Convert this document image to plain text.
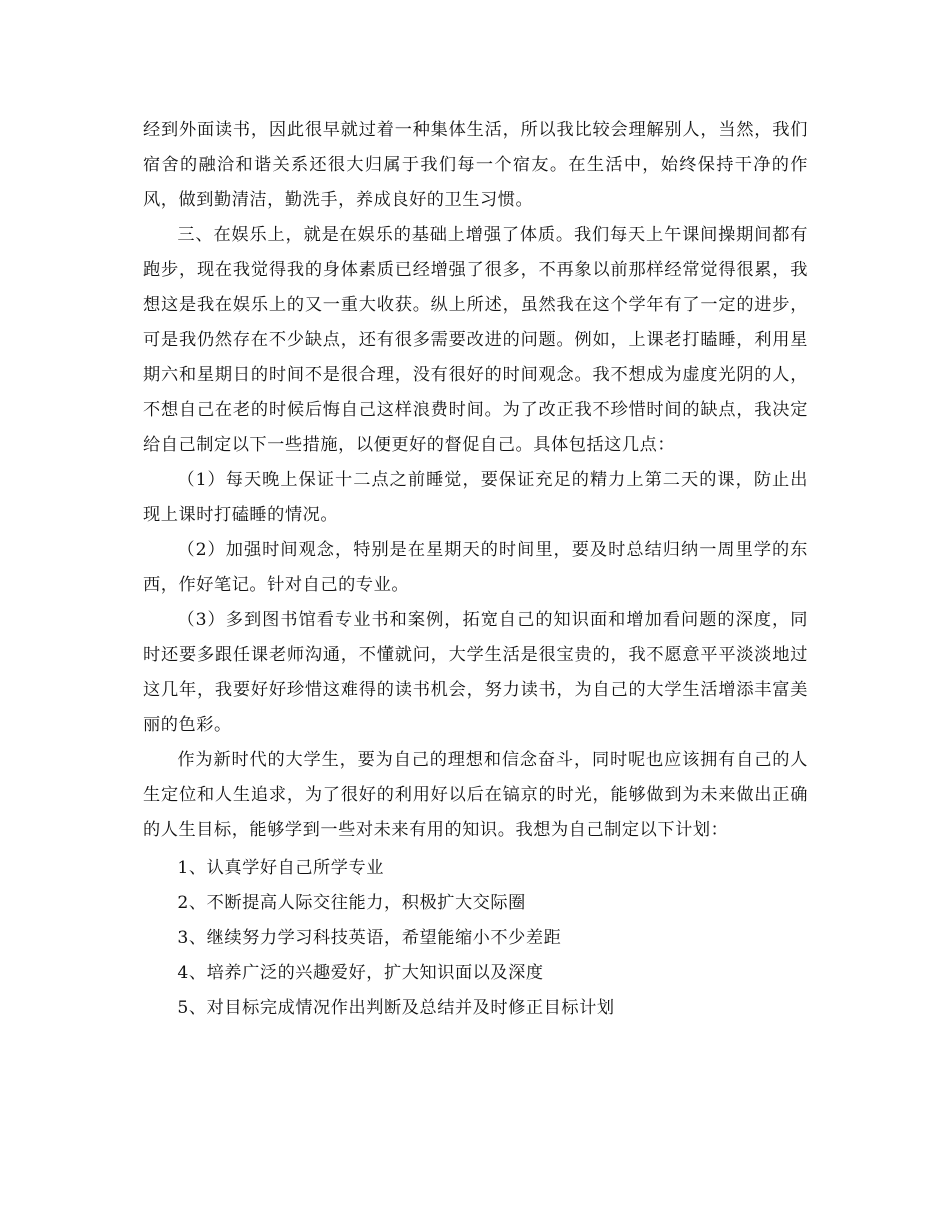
经到外面读书，因此很早就过着一种集体生活，所以我比较会理解别人，当然，我们宿舍的融洽和谐关系还很大归属于我们每一个宿友。在生活中，始终保持干净的作风，做到勤清洁，勤洗手，养成良好的卫生习惯。

三、在娱乐上，就是在娱乐的基础上增强了体质。我们每天上午课间操期间都有跑步，现在我觉得我的身体素质已经增强了很多，不再象以前那样经常觉得很累，我想这是我在娱乐上的又一重大收获。纵上所述，虽然我在这个学年有了一定的进步，可是我仍然存在不少缺点，还有很多需要改进的问题。例如，上课老打瞌睡，利用星期六和星期日的时间不是很合理，没有很好的时间观念。我不想成为虚度光阴的人，不想自己在老的时候后悔自己这样浪费时间。为了改正我不珍惜时间的缺点，我决定给自己制定以下一些措施，以便更好的督促自己。具体包括这几点：

（1）每天晚上保证十二点之前睡觉，要保证充足的精力上第二天的课，防止出现上课时打磕睡的情况。

（2）加强时间观念，特别是在星期天的时间里，要及时总结归纳一周里学的东西，作好笔记。针对自己的专业。

（3）多到图书馆看专业书和案例，拓宽自己的知识面和增加看问题的深度，同时还要多跟任课老师沟通，不懂就问，大学生活是很宝贵的，我不愿意平平淡淡地过这几年，我要好好珍惜这难得的读书机会，努力读书，为自己的大学生活增添丰富美丽的色彩。

作为新时代的大学生，要为自己的理想和信念奋斗，同时呢也应该拥有自己的人生定位和人生追求，为了很好的利用好以后在镐京的时光，能够做到为未来做出正确的人生目标，能够学到一些对未来有用的知识。我想为自己制定以下计划：

1、认真学好自己所学专业

2、不断提高人际交往能力，积极扩大交际圈

3、继续努力学习科技英语，希望能缩小不少差距

4、培养广泛的兴趣爱好，扩大知识面以及深度

5、对目标完成情况作出判断及总结并及时修正目标计划
